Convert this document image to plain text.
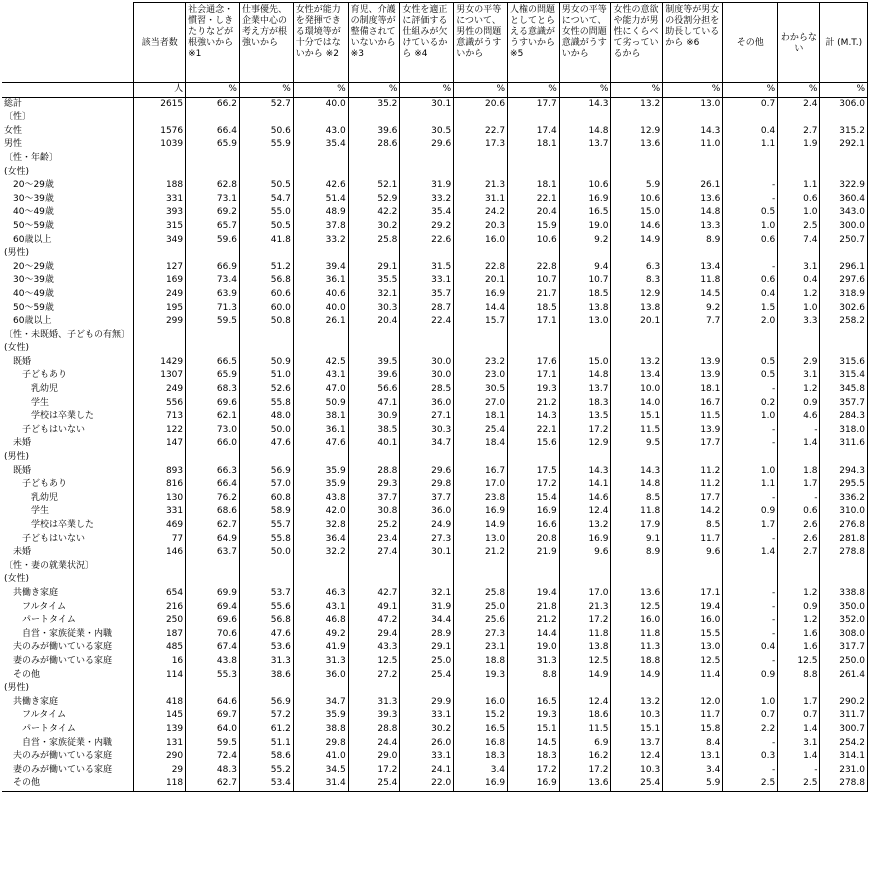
	該当者数	社会通念・慣習・しきたりなどが根強いから ※1	仕事優先、企業中心の考え方が根強いから	女性が能力を発揮できる環境等が十分ではないから ※2	育児、介護の制度等が整備されていないから ※3	女性を適正に評価する仕組みが欠けているから ※4	男女の平等について、男性の問題意識がうすいから	人権の問題としてとらえる意識がうすいから ※5	男女の平等について、女性の問題意識がうすいから	女性の意欲や能力が男性にくらべて劣っているから	制度等が男女の役割分担を助長しているから ※6	その他	わからない	計 (M.T.)
	人	%	%	%	%	%	%	%	%	%	%	%	%	%
総計	2615	66.2	52.7	40.0	35.2	30.1	20.6	17.7	14.3	13.2	13.0	0.7	2.4	306.0
〔性〕														
女性	1576	66.4	50.6	43.0	39.6	30.5	22.7	17.4	14.8	12.9	14.3	0.4	2.7	315.2
男性	1039	65.9	55.9	35.4	28.6	29.6	17.3	18.1	13.7	13.6	11.0	1.1	1.9	292.1
〔性・年齢〕														
(女性)														
20～29歳	188	62.8	50.5	42.6	52.1	31.9	21.3	18.1	10.6	5.9	26.1	-	1.1	322.9
30～39歳	331	73.1	54.7	51.4	52.9	33.2	31.1	22.1	16.9	10.6	13.6	-	0.6	360.4
40～49歳	393	69.2	55.0	48.9	42.2	35.4	24.2	20.4	16.5	15.0	14.8	0.5	1.0	343.0
50～59歳	315	65.7	50.5	37.8	30.2	29.2	20.3	15.9	19.0	14.6	13.3	1.0	2.5	300.0
60歳以上	349	59.6	41.8	33.2	25.8	22.6	16.0	10.6	9.2	14.9	8.9	0.6	7.4	250.7
(男性)														
20～29歳	127	66.9	51.2	39.4	29.1	31.5	22.8	22.8	9.4	6.3	13.4	-	3.1	296.1
30～39歳	169	73.4	56.8	36.1	35.5	33.1	20.1	10.7	10.7	8.3	11.8	0.6	0.4	297.6
40～49歳	249	63.9	60.6	40.6	32.1	35.7	16.9	21.7	18.5	12.9	14.5	0.4	1.2	318.9
50～59歳	195	71.3	60.0	40.0	30.3	28.7	14.4	18.5	13.8	13.8	9.2	1.5	1.0	302.6
60歳以上	299	59.5	50.8	26.1	20.4	22.4	15.7	17.1	13.0	20.1	7.7	2.0	3.3	258.2
〔性・未既婚、子どもの有無〕														
(女性)														
既婚	1429	66.5	50.9	42.5	39.5	30.0	23.2	17.6	15.0	13.2	13.9	0.5	2.9	315.6
子どもあり	1307	65.9	51.0	43.1	39.6	30.0	23.0	17.1	14.8	13.4	13.9	0.5	3.1	315.4
乳幼児	249	68.3	52.6	47.0	56.6	28.5	30.5	19.3	13.7	10.0	18.1	-	1.2	345.8
学生	556	69.6	55.8	50.9	47.1	36.0	27.0	21.2	18.3	14.0	16.7	0.2	0.9	357.7
学校は卒業した	713	62.1	48.0	38.1	30.9	27.1	18.1	14.3	13.5	15.1	11.5	1.0	4.6	284.3
子どもはいない	122	73.0	50.0	36.1	38.5	30.3	25.4	22.1	17.2	11.5	13.9	-	-	318.0
未婚	147	66.0	47.6	47.6	40.1	34.7	18.4	15.6	12.9	9.5	17.7	-	1.4	311.6
(男性)														
既婚	893	66.3	56.9	35.9	28.8	29.6	16.7	17.5	14.3	14.3	11.2	1.0	1.8	294.3
子どもあり	816	66.4	57.0	35.9	29.3	29.8	17.0	17.2	14.1	14.8	11.2	1.1	1.7	295.5
乳幼児	130	76.2	60.8	43.8	37.7	37.7	23.8	15.4	14.6	8.5	17.7	-	-	336.2
学生	331	68.6	58.9	42.0	30.8	36.0	16.9	16.9	12.4	11.8	14.2	0.9	0.6	310.0
学校は卒業した	469	62.7	55.7	32.8	25.2	24.9	14.9	16.6	13.2	17.9	8.5	1.7	2.6	276.8
子どもはいない	77	64.9	55.8	36.4	23.4	27.3	13.0	20.8	16.9	9.1	11.7	-	2.6	281.8
未婚	146	63.7	50.0	32.2	27.4	30.1	21.2	21.9	9.6	8.9	9.6	1.4	2.7	278.8
〔性・妻の就業状況〕														
(女性)														
共働き家庭	654	69.9	53.7	46.3	42.7	32.1	25.8	19.4	17.0	13.6	17.1	-	1.2	338.8
フルタイム	216	69.4	55.6	43.1	49.1	31.9	25.0	21.8	21.3	12.5	19.4	-	0.9	350.0
パートタイム	250	69.6	56.8	46.8	47.2	34.4	25.6	21.2	17.2	16.0	16.0	-	1.2	352.0
自営・家族従業・内職	187	70.6	47.6	49.2	29.4	28.9	27.3	14.4	11.8	11.8	15.5	-	1.6	308.0
夫のみが働いている家庭	485	67.4	53.6	41.9	43.3	29.1	23.1	19.0	13.8	11.3	13.0	0.4	1.6	317.7
妻のみが働いている家庭	16	43.8	31.3	31.3	12.5	25.0	18.8	31.3	12.5	18.8	12.5	-	12.5	250.0
その他	114	55.3	38.6	36.0	27.2	25.4	19.3	8.8	14.9	14.9	11.4	0.9	8.8	261.4
(男性)														
共働き家庭	418	64.6	56.9	34.7	31.3	29.9	16.0	16.5	12.4	13.2	12.0	1.0	1.7	290.2
フルタイム	145	69.7	57.2	35.9	39.3	33.1	15.2	19.3	18.6	10.3	11.7	0.7	0.7	311.7
パートタイム	139	64.0	61.2	38.8	28.8	30.2	16.5	15.1	11.5	15.1	15.8	2.2	1.4	300.7
自営・家族従業・内職	131	59.5	51.1	29.8	24.4	26.0	16.8	14.5	6.9	13.7	8.4	-	3.1	254.2
夫のみが働いている家庭	290	72.4	58.6	41.0	29.0	33.1	18.3	18.3	16.2	12.4	13.1	0.3	1.4	314.1
妻のみが働いている家庭	29	48.3	55.2	34.5	17.2	24.1	3.4	17.2	17.2	10.3	3.4	-	-	231.0
その他	118	62.7	53.4	31.4	25.4	22.0	16.9	16.9	13.6	25.4	5.9	2.5	2.5	278.8
